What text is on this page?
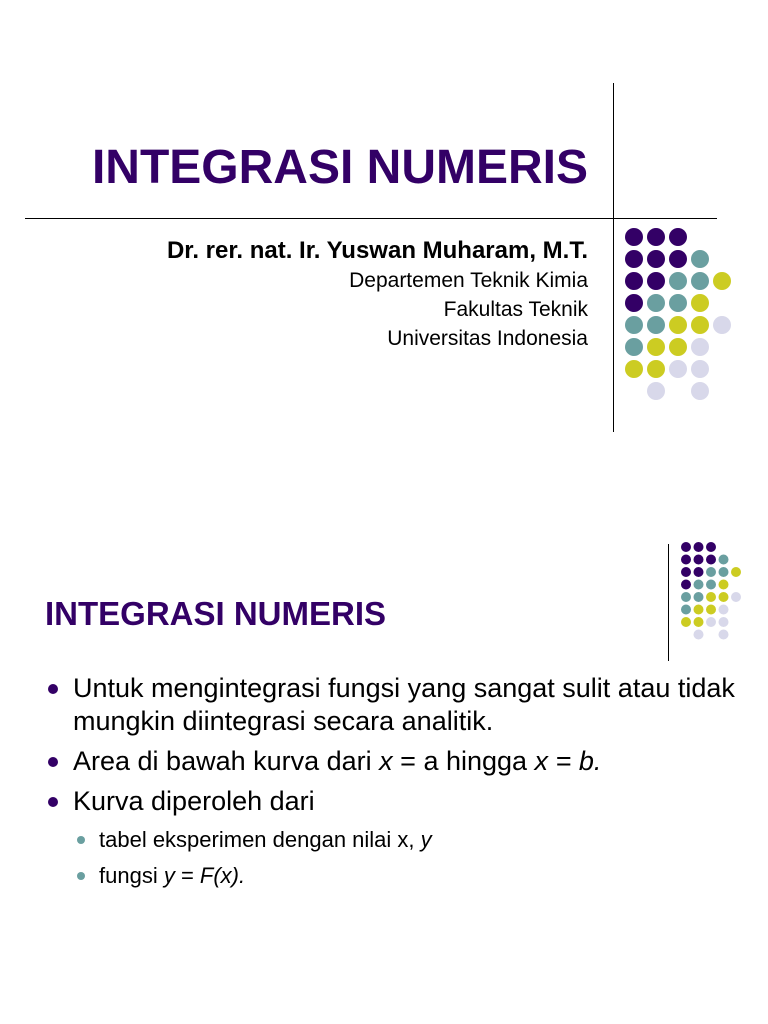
INTEGRASI NUMERIS

Dr. rer. nat. Ir. Yuswan Muharam, M.T.

Departemen Teknik Kimia

Fakultas Teknik

Universitas Indonesia

INTEGRASI NUMERIS
Untuk mengintegrasi fungsi yang sangat sulit atau tidak mungkin diintegrasi secara analitik.
Area di bawah kurva dari x = a hingga x = b.
Kurva diperoleh dari
tabel eksperimen dengan nilai x, y
fungsi y = F(x).
